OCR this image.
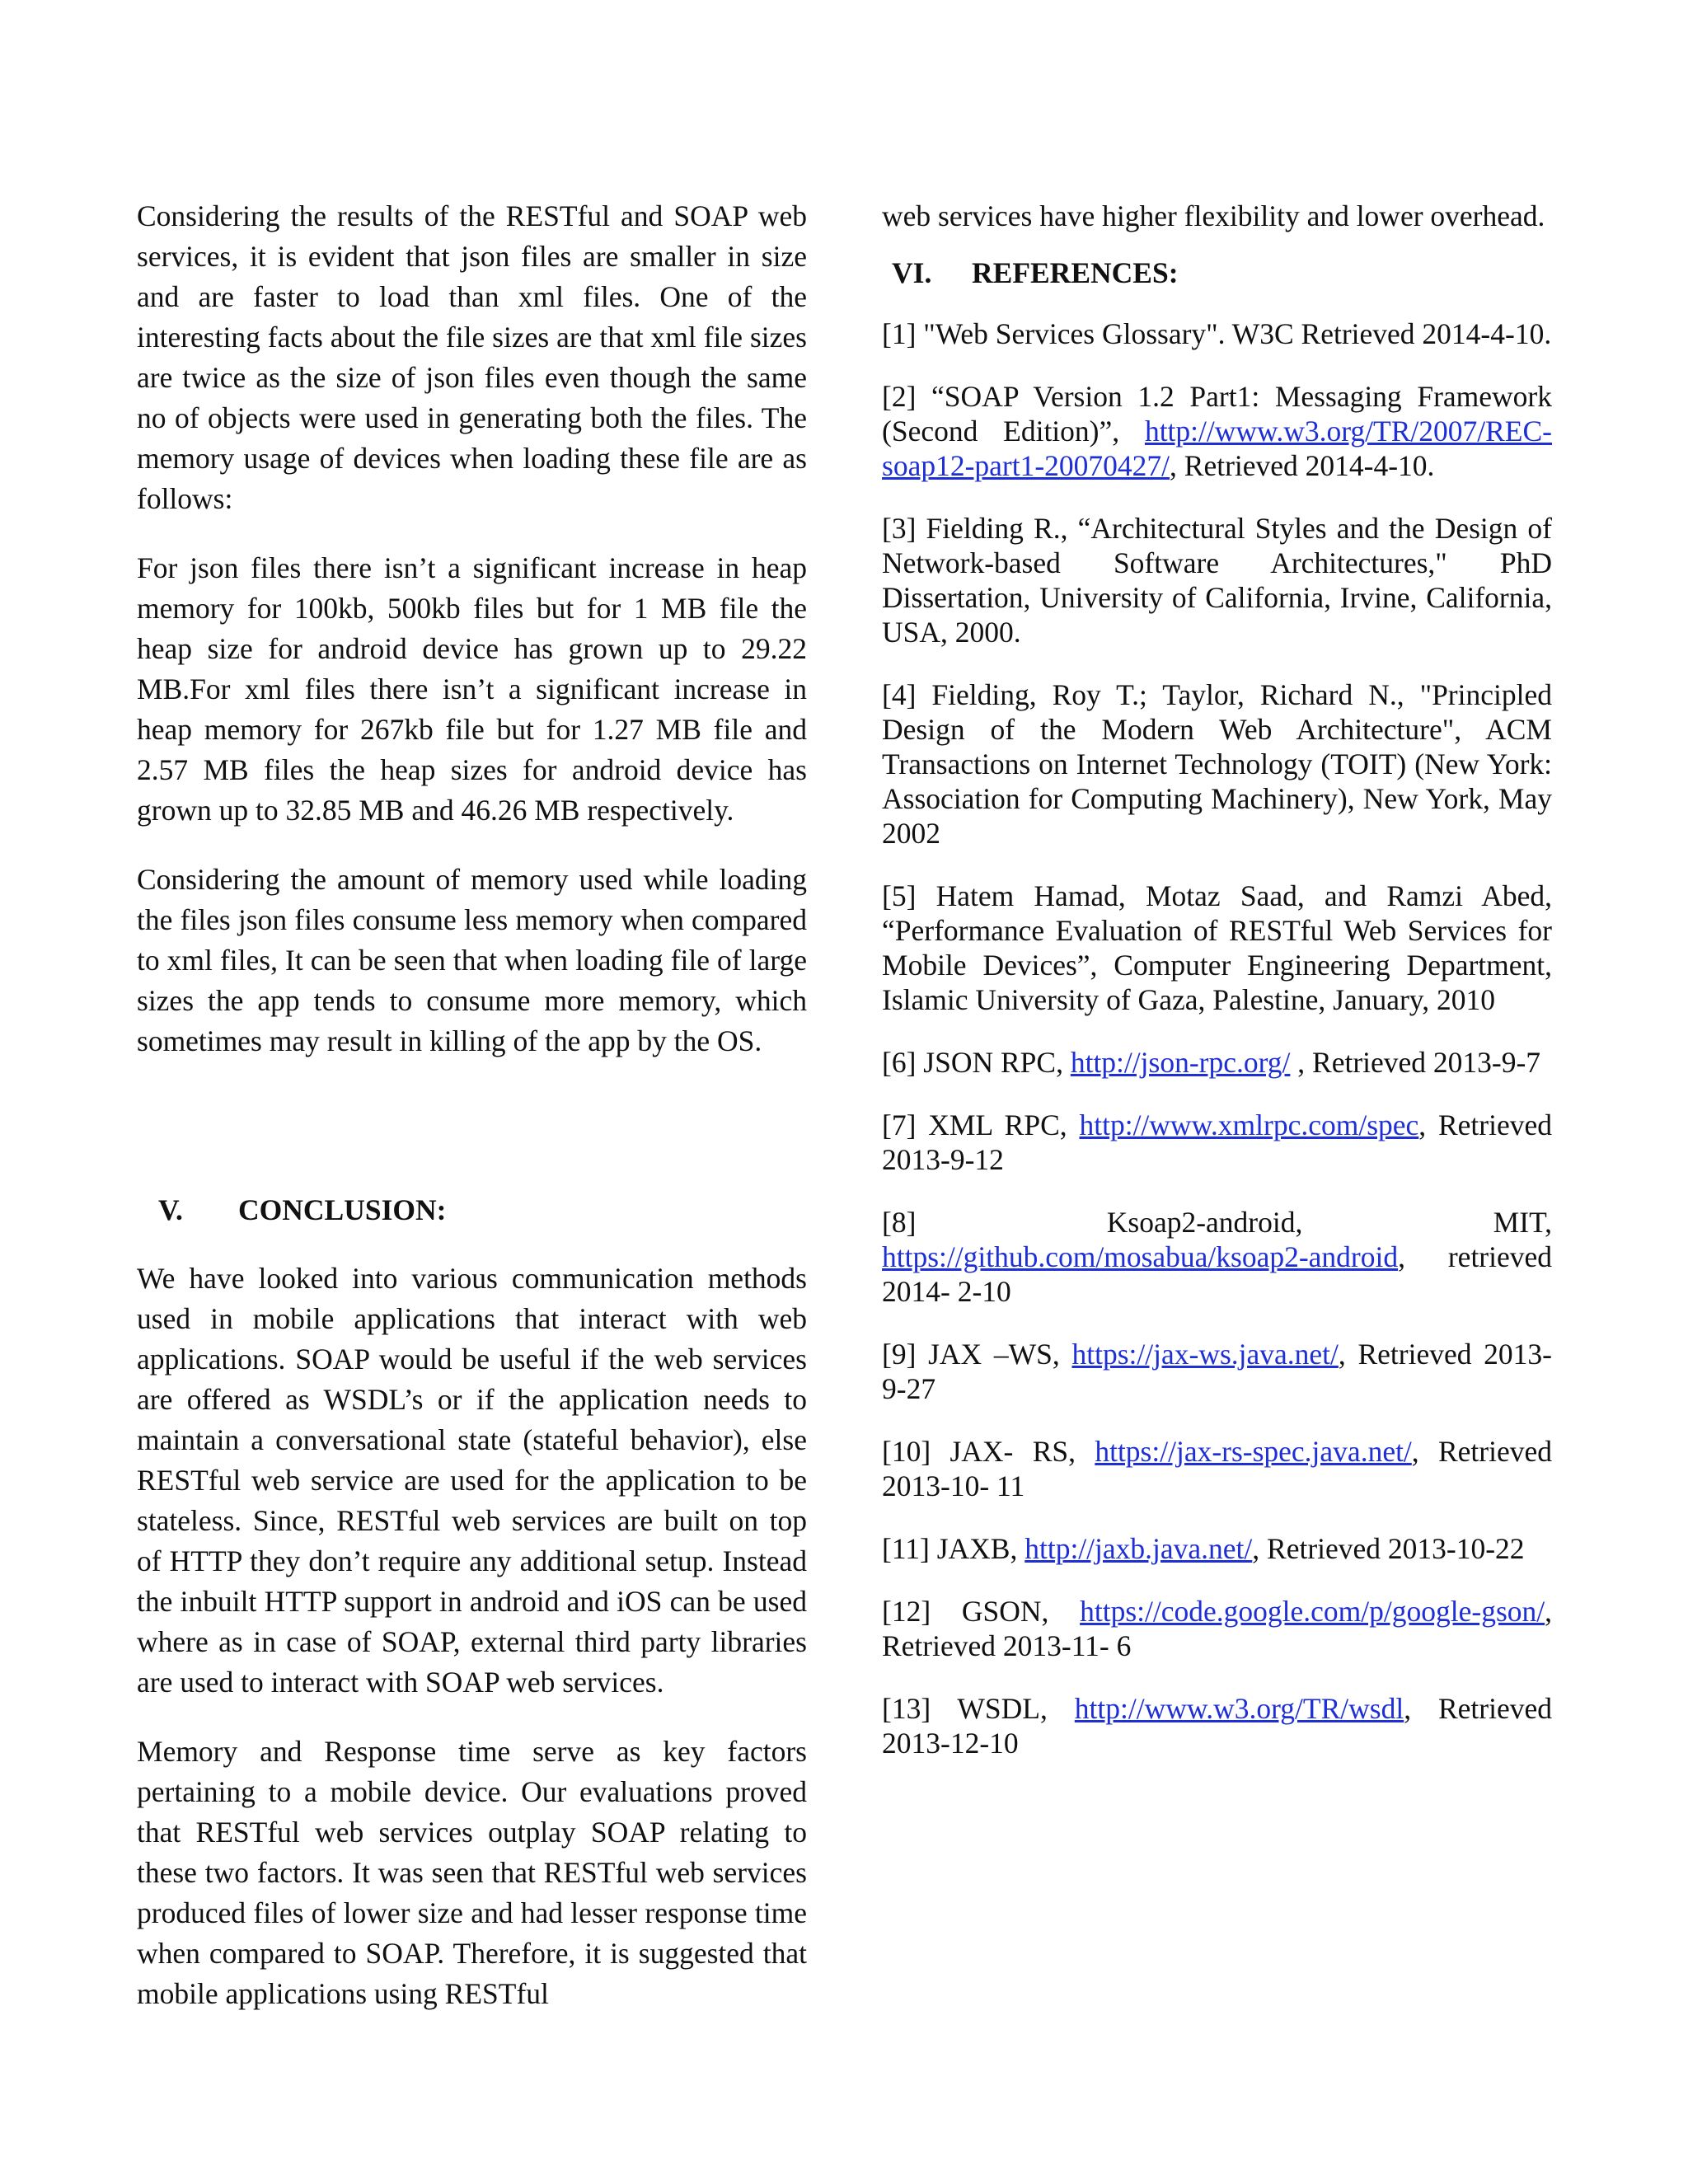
Considering the results of the RESTful and SOAP web services, it is evident that json files are smaller in size and are faster to load than xml files. One of the interesting facts about the file sizes are that xml file sizes are twice as the size of json files even though the same no of objects were used in generating both the files. The memory usage of devices when loading these file are as follows:

For json files there isn’t a significant increase in heap memory for 100kb, 500kb files but for 1 MB file the heap size for android device has grown up to 29.22 MB.For xml files there isn’t a significant increase in heap memory for 267kb file but for 1.27 MB file and 2.57 MB files the heap sizes for android device has grown up to 32.85 MB and 46.26 MB respectively.

Considering the amount of memory used while loading the files json files consume less memory when compared to xml files, It can be seen that when loading file of large sizes the app tends to consume more memory, which sometimes may result in killing of the app by the OS.

V. CONCLUSION:

We have looked into various communication methods used in mobile applications that interact with web applications. SOAP would be useful if the web services are offered as WSDL’s or if the application needs to maintain a conversational state (stateful behavior), else RESTful web service are used for the application to be stateless. Since, RESTful web services are built on top of HTTP they don’t require any additional setup. Instead the inbuilt HTTP support in android and iOS can be used where as in case of SOAP, external third party libraries are used to interact with SOAP web services.

Memory and Response time serve as key factors pertaining to a mobile device. Our evaluations proved that RESTful web services outplay SOAP relating to these two factors. It was seen that RESTful web services produced files of lower size and had lesser response time when compared to SOAP. Therefore, it is suggested that mobile applications using RESTful

web services have higher flexibility and lower overhead.

VI. REFERENCES:

[1] "Web Services Glossary". W3C Retrieved 2014-4-10.

[2] “SOAP Version 1.2 Part1: Messaging Framework (Second Edition)”, http://www.w3.org/TR/2007/REC-soap12-part1-20070427/, Retrieved 2014-4-10.

[3] Fielding R., “Architectural Styles and the Design of Network-based Software Architectures," PhD Dissertation, University of California, Irvine, California, USA, 2000.

[4] Fielding, Roy T.; Taylor, Richard N., "Principled Design of the Modern Web Architecture", ACM Transactions on Internet Technology (TOIT) (New York: Association for Computing Machinery), New York, May 2002

[5] Hatem Hamad, Motaz Saad, and Ramzi Abed, “Performance Evaluation of RESTful Web Services for Mobile Devices”, Computer Engineering Department, Islamic University of Gaza, Palestine, January, 2010

[6] JSON RPC, http://json-rpc.org/ , Retrieved 2013-9-7

[7] XML RPC, http://www.xmlrpc.com/spec, Retrieved 2013-9-12

[8] Ksoap2-android, MIT, https://github.com/mosabua/ksoap2-android, retrieved 2014- 2-10

[9] JAX –WS, https://jax-ws.java.net/, Retrieved 2013-9-27

[10] JAX- RS, https://jax-rs-spec.java.net/, Retrieved 2013-10- 11

[11] JAXB, http://jaxb.java.net/, Retrieved 2013-10-22

[12] GSON, https://code.google.com/p/google-gson/, Retrieved 2013-11- 6

[13] WSDL, http://www.w3.org/TR/wsdl, Retrieved 2013-12-10
